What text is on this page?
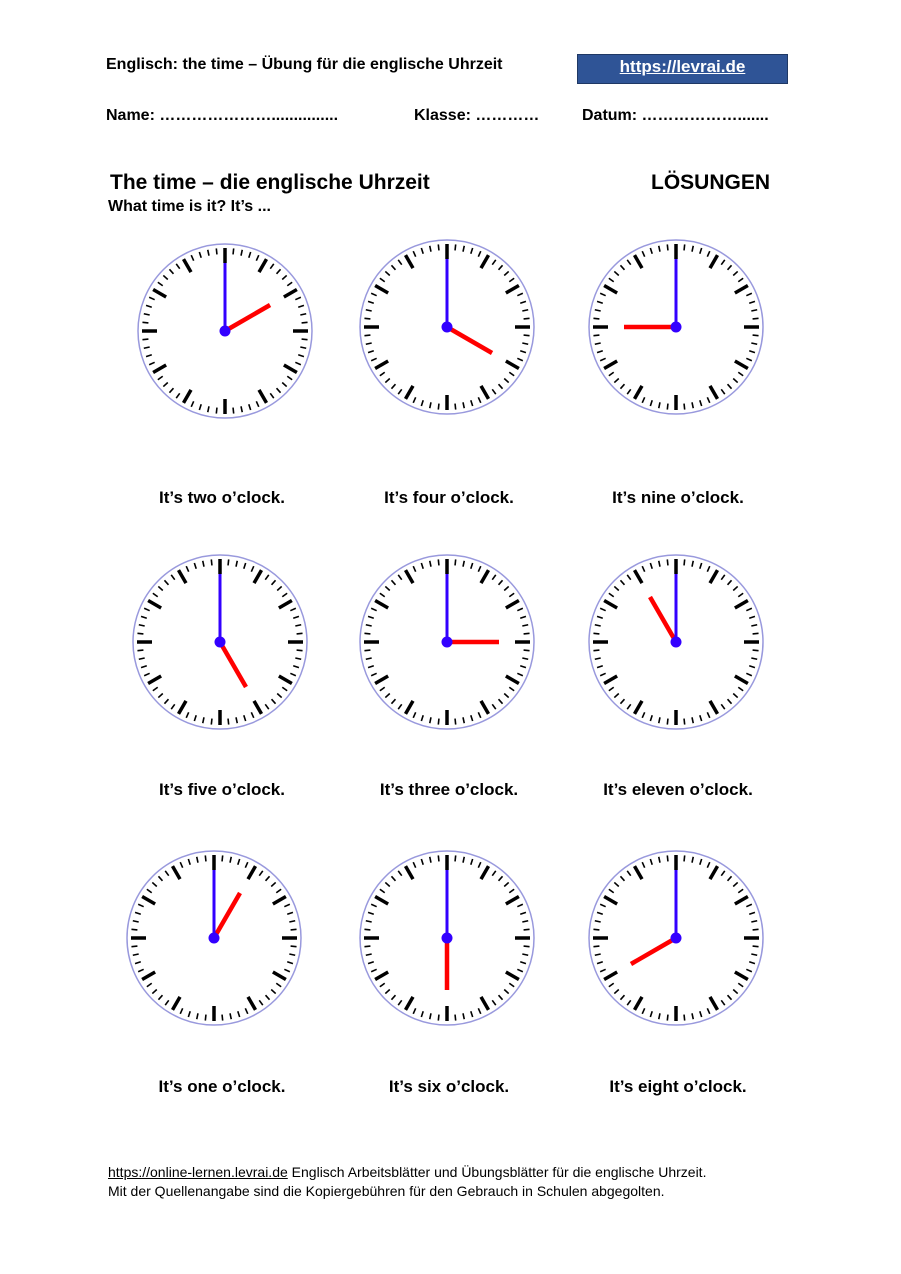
Englisch: the time – Übung für die englische Uhrzeit	https://levrai.de
Name: …………………...............	Klasse: …………	Datum: ……………….......
The time – die englische Uhrzeit	LÖSUNGEN
What time is it? It’s ...
It’s two o’clock.	It’s four o’clock.	It’s nine o’clock.
It’s five o’clock.	It’s three o’clock.	It’s eleven o’clock.
It’s one o’clock.	It’s six o’clock.	It’s eight o’clock.
https://online-lernen.levrai.de Englisch Arbeitsblätter und Übungsblätter für die englische Uhrzeit.
Mit der Quellenangabe sind die Kopiergebühren für den Gebrauch in Schulen abgegolten.
